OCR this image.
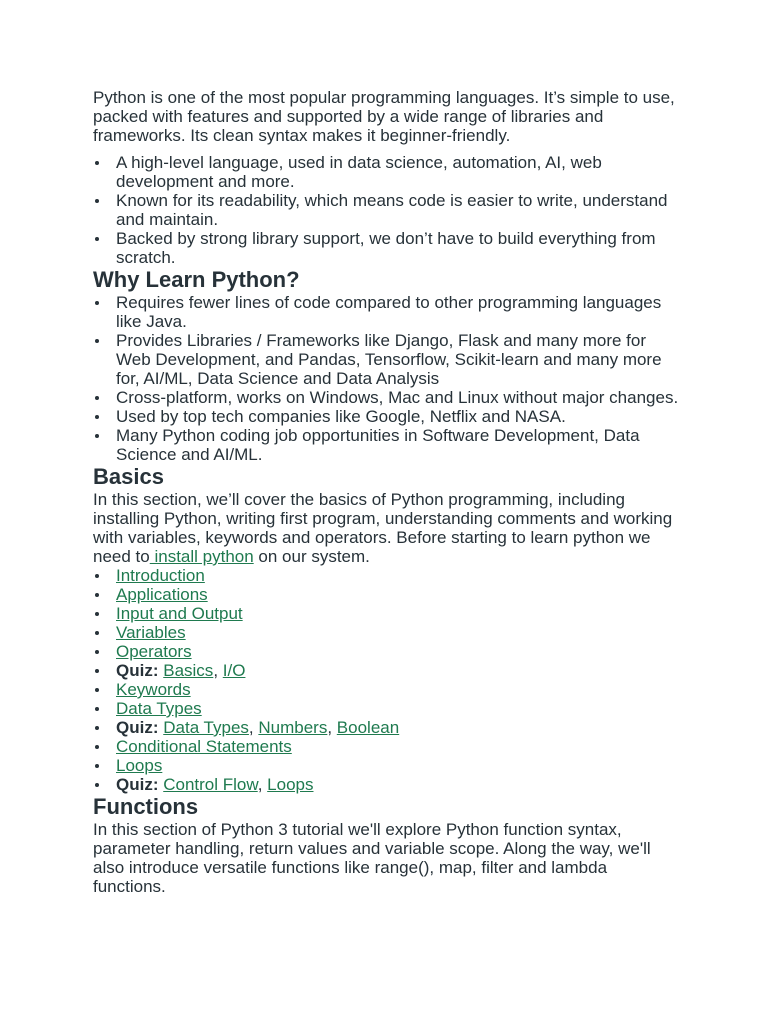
Python is one of the most popular programming languages. It’s simple to use, packed with features and supported by a wide range of libraries and frameworks. Its clean syntax makes it beginner-friendly.

A high-level language, used in data science, automation, AI, web development and more.
Known for its readability, which means code is easier to write, understand and maintain.
Backed by strong library support, we don’t have to build everything from scratch.
Why Learn Python?
Requires fewer lines of code compared to other programming languages like Java.
Provides Libraries / Frameworks like Django, Flask and many more for Web Development, and Pandas, Tensorflow, Scikit-learn and many more for, AI/ML, Data Science and Data Analysis
Cross-platform, works on Windows, Mac and Linux without major changes.
Used by top tech companies like Google, Netflix and NASA.
Many Python coding job opportunities in Software Development, Data Science and AI/ML.
Basics

In this section, we’ll cover the basics of Python programming, including installing Python, writing first program, understanding comments and working with variables, keywords and operators. Before starting to learn python we need to install python on our system.

Introduction
Applications
Input and Output
Variables
Operators
Quiz: Basics, I/O
Keywords
Data Types
Quiz: Data Types, Numbers, Boolean
Conditional Statements
Loops
Quiz: Control Flow, Loops
Functions

In this section of Python 3 tutorial we'll explore Python function syntax, parameter handling, return values and variable scope. Along the way, we'll also introduce versatile functions like range(), map, filter and lambda functions.
